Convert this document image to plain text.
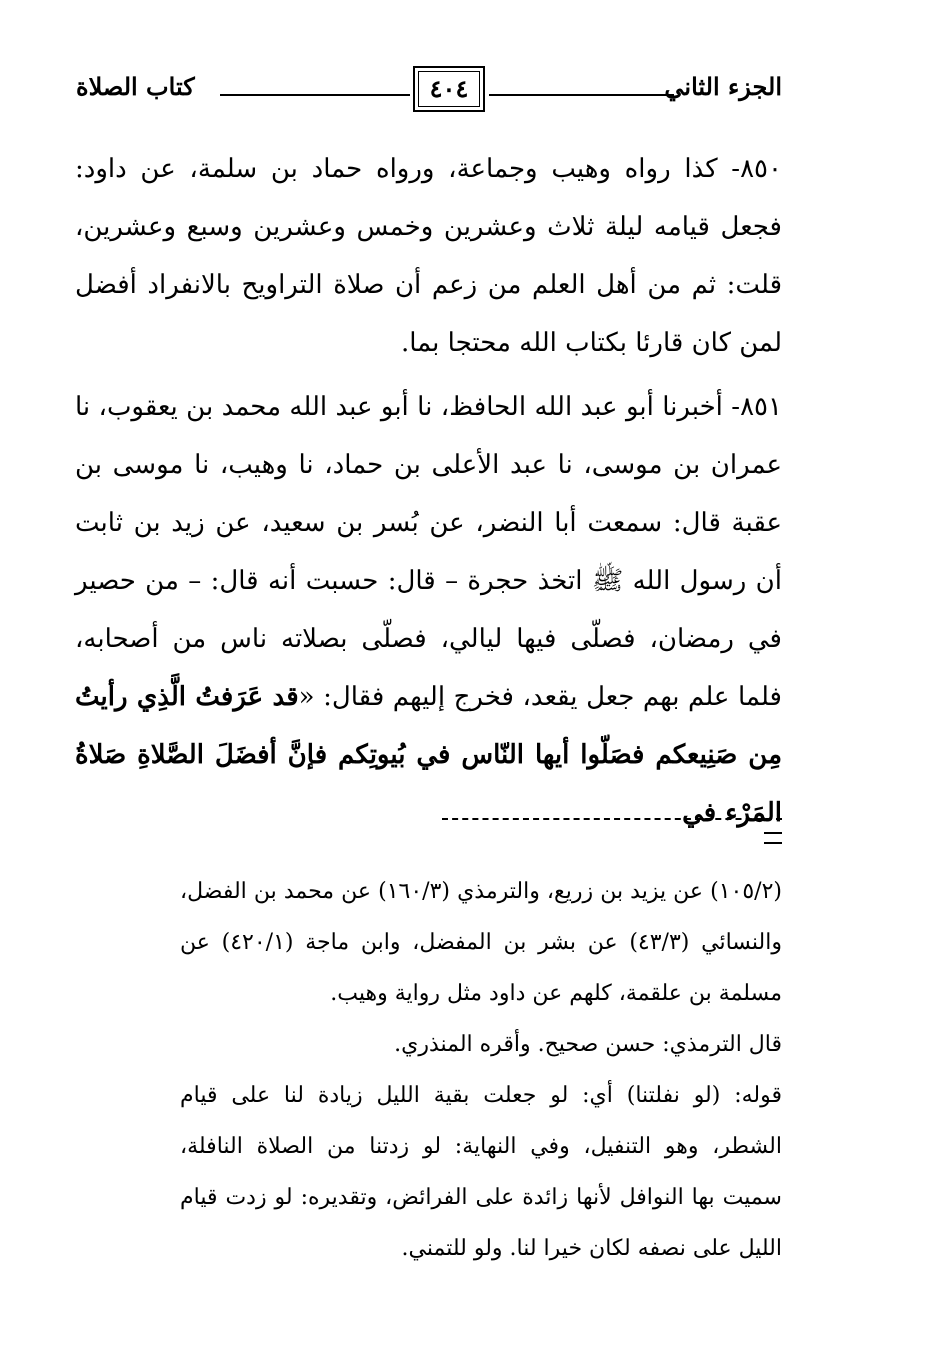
الجزء الثاني
٤٠٤
كتاب الصلاة

٨٥٠- كذا رواه وهيب وجماعة، ورواه حماد بن سلمة، عن داود: فجعل قيامه ليلة ثلاث وعشرين وخمس وعشرين وسبع وعشرين، قلت: ثم من أهل العلم من زعم أن صلاة التراويح بالانفراد أفضل لمن كان قارئا بكتاب الله محتجا بما.

٨٥١- أخبرنا أبو عبد الله الحافظ، نا أبو عبد الله محمد بن يعقوب، نا عمران بن موسى، نا عبد الأعلى بن حماد، نا وهيب، نا موسى بن عقبة قال: سمعت أبا النضر، عن بُسر بن سعيد، عن زيد بن ثابت أن رسول الله ﷺ اتخذ حجرة – قال: حسبت أنه قال: – من حصير في رمضان، فصلّى فيها ليالي، فصلّى بصلاته ناس من أصحابه، فلما علم بهم جعل يقعد، فخرج إليهم فقال: «قد عَرَفتُ الَّذِي رأيتُ مِن صَنِيعكم فصَلّوا أيها النّاس في بُيوتِكم فإنَّ أفضَلَ الصَّلاةِ صَلاةُ المَرْء في

(١٠٥/٢) عن يزيد بن زريع، والترمذي (١٦٠/٣) عن محمد بن الفضل، والنسائي (٤٣/٣) عن بشر بن المفضل، وابن ماجة (٤٢٠/١) عن مسلمة بن علقمة، كلهم عن داود مثل رواية وهيب.

قال الترمذي: حسن صحيح. وأقره المنذري.

قوله: (لو نفلتنا) أي: لو جعلت بقية الليل زيادة لنا على قيام الشطر، وهو التنفيل، وفي النهاية: لو زدتنا من الصلاة النافلة، سميت بها النوافل لأنها زائدة على الفرائض، وتقديره: لو زدت قيام الليل على نصفه لكان خيرا لنا. ولو للتمني.
